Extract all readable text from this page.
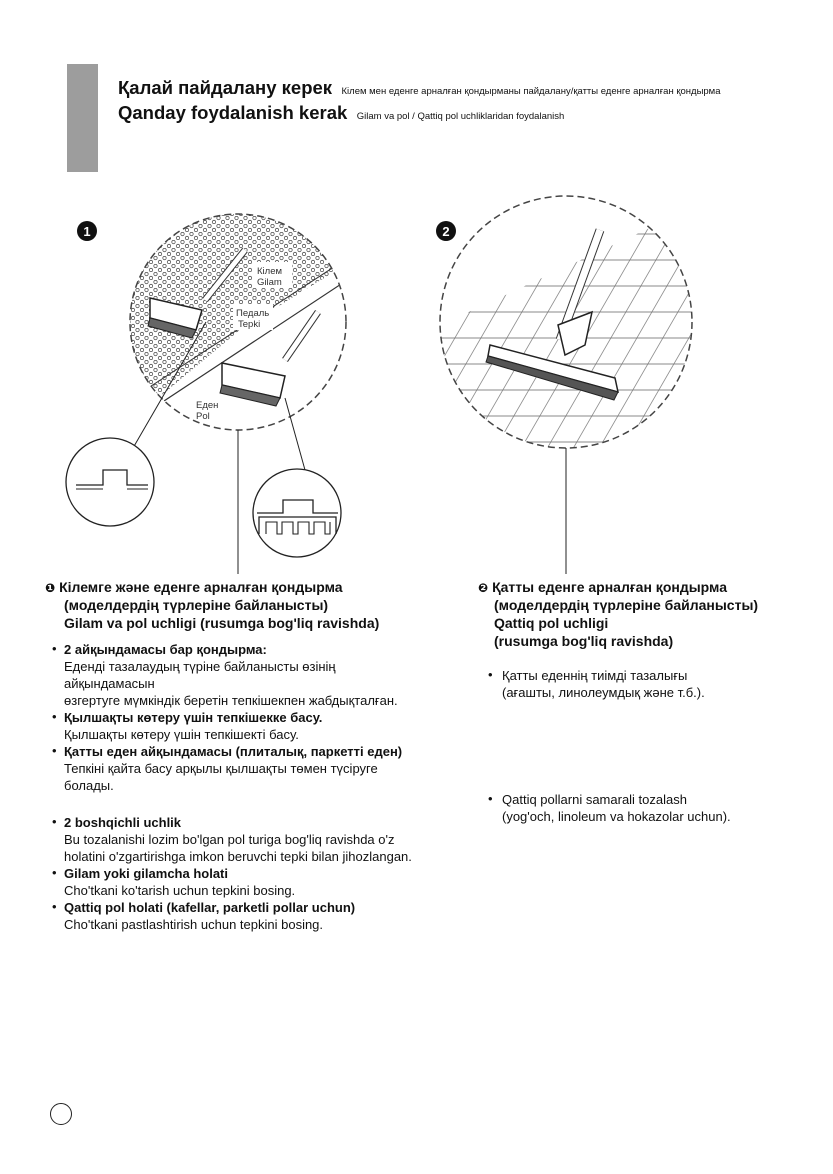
Қалай пайдалану керек Кілем мен еденге арналған қондырманы пайдалану/қатты еденге арналған қондырма
Qanday foydalanish kerak Gilam va pol / Qattiq pol uchliklaridan foydalanish
1
Кілем
Gilam
Педаль
Tepki
Еден
Pol
2
❶ Кілемге және еденге арналған қондырма
(моделдердің түрлеріне байланысты)
Gilam va pol uchligi (rusumga bog'liq ravishda)
• 2 айқындамасы бар қондырма:
Еденді тазалаудың түріне байланысты өзінің
айқындамасын
өзгертуге мүмкіндік беретін тепкішекпен жабдықталған.
• Қылшақты көтеру үшін тепкішекке басу.
Қылшақты көтеру үшін тепкішекті басу.
• Қатты еден айқындамасы (плиталық, паркетті еден)
Тепкіні қайта басу арқылы қылшақты төмен түсіруге
болады.
• 2 boshqichli uchlik
Bu tozalanishi lozim bo'lgan pol turiga bog'liq ravishda o'z
holatini o'zgartirishga imkon beruvchi tepki bilan jihozlangan.
• Gilam yoki gilamcha holati
Cho'tkani ko'tarish uchun tepkini bosing.
• Qattiq pol holati (kafellar, parketli pollar uchun)
Cho'tkani pastlashtirish uchun tepkini bosing.
❷ Қатты еденге арналған қондырма
(моделдердің түрлеріне байланысты)
Qattiq pol uchligi
(rusumga bog'liq ravishda)
• Қатты еденнің тиімді тазалығы
(ағашты, линолеумдық және т.б.).
• Qattiq pollarni samarali tozalash
(yog'och, linoleum va hokazolar uchun).
